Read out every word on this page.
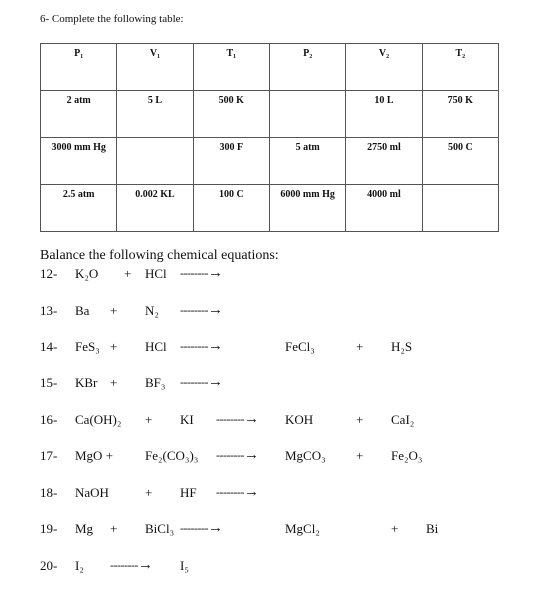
6- Complete the following table:
P₁	V₁	T₁	P₂	V₂	T₂
2 atm	5 L	500 K		10 L	750 K
3000 mm Hg		300 F	5 atm	2750 ml	500 C
2.5 atm	0.002 KL	100 C	6000 mm Hg	4000 ml	
Balance the following chemical equations:
12- K₂O + HCl --------→
13- Ba + N₂ --------→
14- FeS₃ + HCl --------→	FeCl₃	+ H₂S
15- KBr + BF₃ --------→
16- Ca(OH)₂ + KI --------→ KOH	+ CaI₂
17- MgO + Fe₂(CO₃)₃ --------→ MgCO₃ + Fe₂O₃
18- NaOH	+ HF --------→
19- Mg + BiCl₃ --------→	MgCl₂	+ Bi
20- I₂ --------→ I₅
